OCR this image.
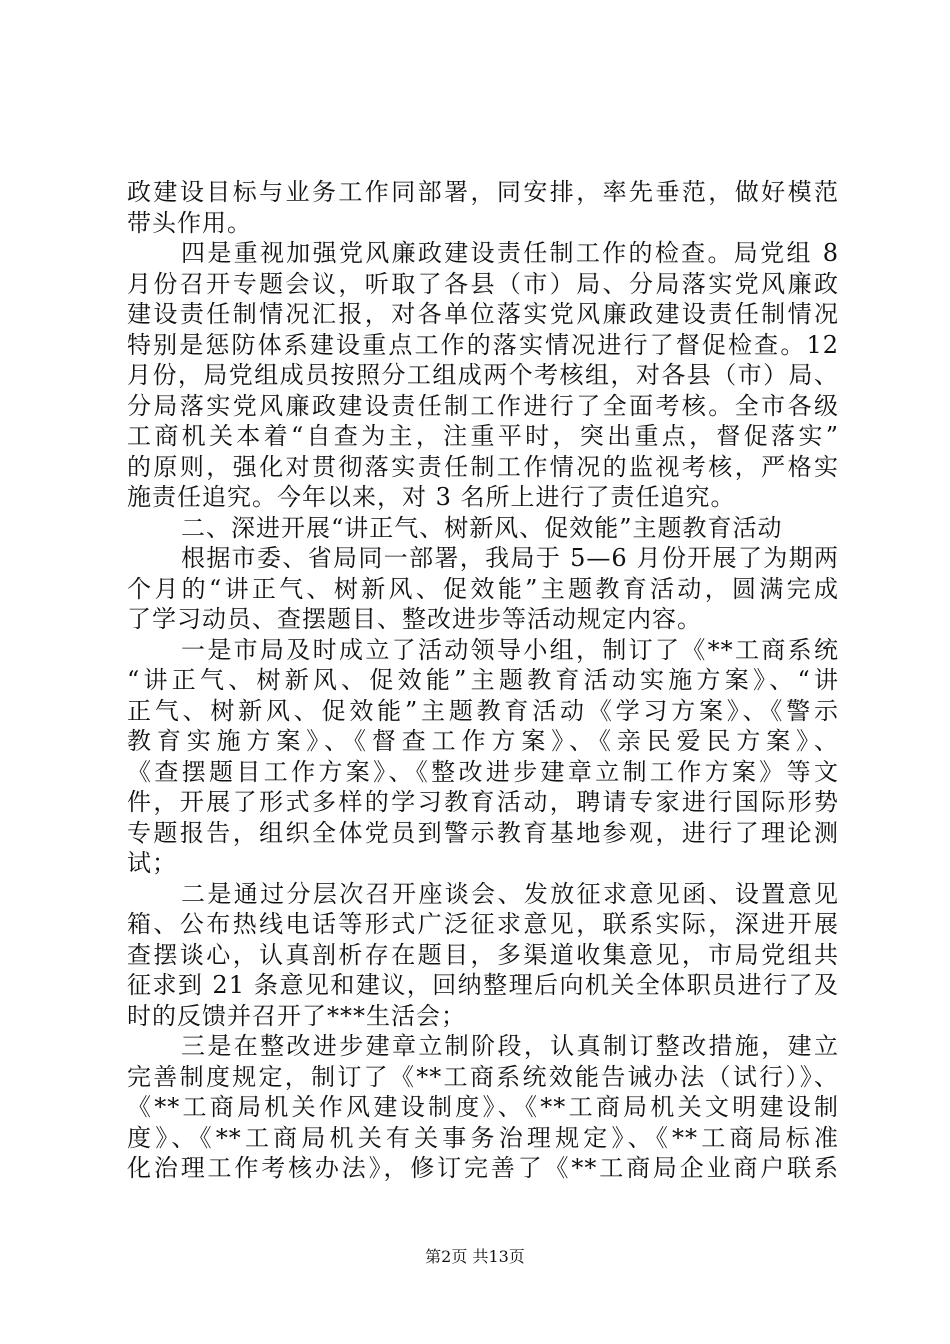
政建设目标与业务工作同部署，同安排，率先垂范，做好模范
带头作用。
四是重视加强党风廉政建设责任制工作的检查。局党组 8
月份召开专题会议，听取了各县（市）局、分局落实党风廉政
建设责任制情况汇报，对各单位落实党风廉政建设责任制情况
特别是惩防体系建设重点工作的落实情况进行了督促检查。12
月份，局党组成员按照分工组成两个考核组，对各县（市）局、
分局落实党风廉政建设责任制工作进行了全面考核。全市各级
工商机关本着“自查为主，注重平时，突出重点，督促落实”
的原则，强化对贯彻落实责任制工作情况的监视考核，严格实
施责任追究。今年以来，对 3 名所上进行了责任追究。
二、深进开展“讲正气、树新风、促效能”主题教育活动
根据市委、省局同一部署，我局于 5—6 月份开展了为期两
个月的“讲正气、树新风、促效能”主题教育活动，圆满完成
了学习动员、查摆题目、整改进步等活动规定内容。
一是市局及时成立了活动领导小组，制订了《**工商系统
“讲正气、树新风、促效能”主题教育活动实施方案》、“讲
正气、树新风、促效能”主题教育活动《学习方案》、《警示
教育实施方案》、《督查工作方案》、《亲民爱民方案》、
《查摆题目工作方案》、《整改进步建章立制工作方案》等文
件，开展了形式多样的学习教育活动，聘请专家进行国际形势
专题报告，组织全体党员到警示教育基地参观，进行了理论测
试；
二是通过分层次召开座谈会、发放征求意见函、设置意见
箱、公布热线电话等形式广泛征求意见，联系实际，深进开展
查摆谈心，认真剖析存在题目，多渠道收集意见，市局党组共
征求到 21 条意见和建议，回纳整理后向机关全体职员进行了及
时的反馈并召开了***生活会；
三是在整改进步建章立制阶段，认真制订整改措施，建立
完善制度规定，制订了《**工商系统效能告诫办法（试行）》、
《**工商局机关作风建设制度》、《**工商局机关文明建设制
度》、《**工商局机关有关事务治理规定》、《**工商局标准
化治理工作考核办法》，修订完善了《**工商局企业商户联系
第2页 共13页
